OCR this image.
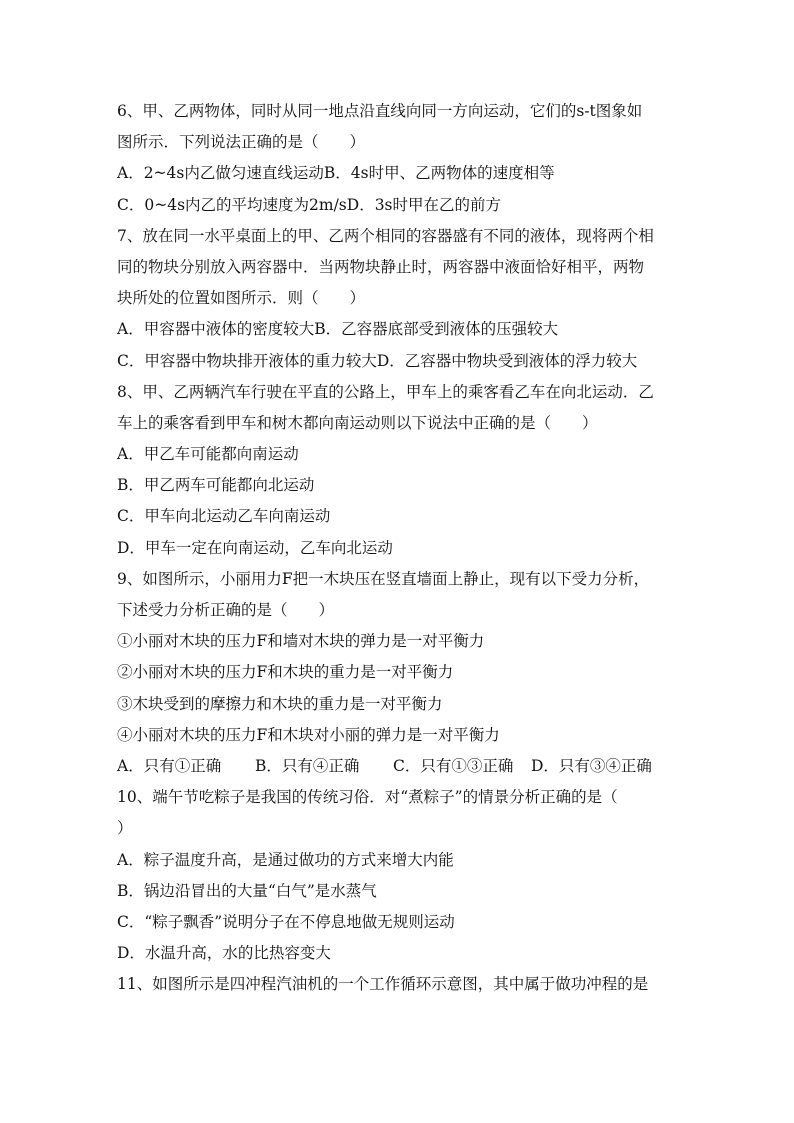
6、甲、乙两物体，同时从同一地点沿直线向同一方向运动，它们的s-t图象如
图所示．下列说法正确的是（　　）
A．2~4s内乙做匀速直线运动B．4s时甲、乙两物体的速度相等
C．0~4s内乙的平均速度为2m/sD．3s时甲在乙的前方
7、放在同一水平桌面上的甲、乙两个相同的容器盛有不同的液体，现将两个相
同的物块分别放入两容器中．当两物块静止时，两容器中液面恰好相平，两物
块所处的位置如图所示．则（　　）
A．甲容器中液体的密度较大B．乙容器底部受到液体的压强较大
C．甲容器中物块排开液体的重力较大D．乙容器中物块受到液体的浮力较大
8、甲、乙两辆汽车行驶在平直的公路上，甲车上的乘客看乙车在向北运动．乙
车上的乘客看到甲车和树木都向南运动则以下说法中正确的是（　　）
A．甲乙车可能都向南运动
B．甲乙两车可能都向北运动
C．甲车向北运动乙车向南运动
D．甲车一定在向南运动，乙车向北运动
9、如图所示，小丽用力F把一木块压在竖直墙面上静止，现有以下受力分析，
下述受力分析正确的是（　　）
①小丽对木块的压力F和墙对木块的弹力是一对平衡力
②小丽对木块的压力F和木块的重力是一对平衡力
③木块受到的摩擦力和木块的重力是一对平衡力
④小丽对木块的压力F和木块对小丽的弹力是一对平衡力
A．只有①正确	B．只有④正确	C．只有①③正确	D．只有③④正确
10、端午节吃粽子是我国的传统习俗．对“煮粽子”的情景分析正确的是（
）
A．粽子温度升高，是通过做功的方式来增大内能
B．锅边沿冒出的大量“白气”是水蒸气
C．“粽子飘香”说明分子在不停息地做无规则运动
D．水温升高，水的比热容变大
11、如图所示是四冲程汽油机的一个工作循环示意图，其中属于做功冲程的是
